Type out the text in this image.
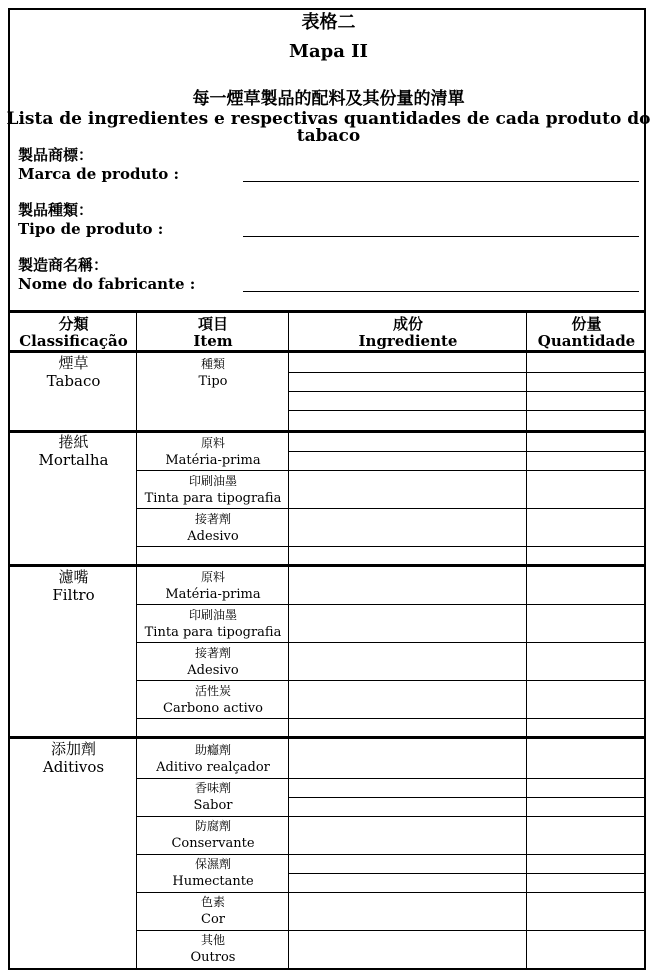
表格二
Mapa II
每一煙草製品的配料及其份量的清單
Lista de ingredientes e respectivas quantidades de cada produto do
tabaco
製品商標：
Marca de produto :
製品種類：
Tipo de produto :
製造商名稱：
Nome do fabricante :
分類
Classificação
項目
Item
成份
Ingrediente
份量
Quantidade
煙草
Tabaco
捲紙
Mortalha
濾嘴
Filtro
添加劑
Aditivos
種類
Tipo
原料
Matéria-prima
印刷油墨
Tinta para tipografia
接著劑
Adesivo
原料
Matéria-prima
印刷油墨
Tinta para tipografia
接著劑
Adesivo
活性炭
Carbono activo
助癮劑
Aditivo realçador
香味劑
Sabor
防腐劑
Conservante
保濕劑
Humectante
色素
Cor
其他
Outros
